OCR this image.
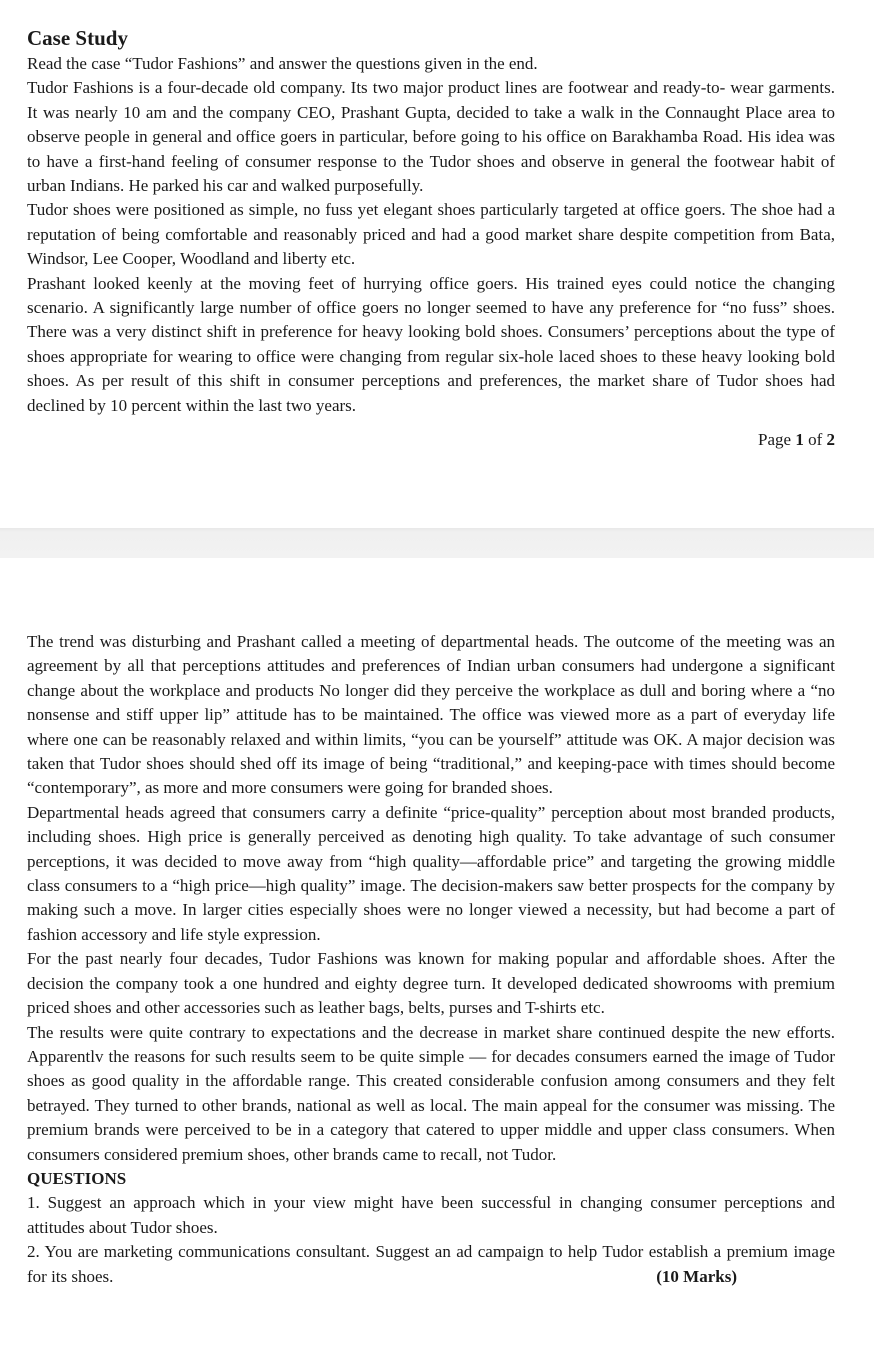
Case Study

Read the case “Tudor Fashions” and answer the questions given in the end.

Tudor Fashions is a four-decade old company. Its two major product lines are footwear and ready-to- wear garments. It was nearly 10 am and the company CEO, Prashant Gupta, decided to take a walk in the Connaught Place area to observe people in general and office goers in particular, before going to his office on Barakhamba Road. His idea was to have a first-hand feeling of consumer response to the Tudor shoes and observe in general the footwear habit of urban Indians. He parked his car and walked purposefully.

Tudor shoes were positioned as simple, no fuss yet elegant shoes particularly targeted at office goers. The shoe had a reputation of being comfortable and reasonably priced and had a good market share despite competition from Bata, Windsor, Lee Cooper, Woodland and liberty etc.

Prashant looked keenly at the moving feet of hurrying office goers. His trained eyes could notice the changing scenario. A significantly large number of office goers no longer seemed to have any preference for “no fuss” shoes. There was a very distinct shift in preference for heavy looking bold shoes. Consumers’ perceptions about the type of shoes appropriate for wearing to office were changing from regular six-hole laced shoes to these heavy looking bold shoes. As per result of this shift in consumer perceptions and preferences, the market share of Tudor shoes had declined by 10 percent within the last two years.

Page 1 of 2

The trend was disturbing and Prashant called a meeting of departmental heads. The outcome of the meeting was an agreement by all that perceptions attitudes and preferences of Indian urban consumers had undergone a significant change about the workplace and products No longer did they perceive the workplace as dull and boring where a “no nonsense and stiff upper lip” attitude has to be maintained. The office was viewed more as a part of everyday life where one can be reasonably relaxed and within limits, “you can be yourself” attitude was OK. A major decision was taken that Tudor shoes should shed off its image of being “traditional,” and keeping-pace with times should become “contemporary”, as more and more consumers were going for branded shoes.

Departmental heads agreed that consumers carry a definite “price-quality” perception about most branded products, including shoes. High price is generally perceived as denoting high quality. To take advantage of such consumer perceptions, it was decided to move away from “high quality—affordable price” and targeting the growing middle class consumers to a “high price—high quality” image. The decision-makers saw better prospects for the company by making such a move. In larger cities especially shoes were no longer viewed a necessity, but had become a part of fashion accessory and life style expression.

For the past nearly four decades, Tudor Fashions was known for making popular and affordable shoes. After the decision the company took a one hundred and eighty degree turn. It developed dedicated showrooms with premium priced shoes and other accessories such as leather bags, belts, purses and T-shirts etc.

The results were quite contrary to expectations and the decrease in market share continued despite the new efforts. Apparentlv the reasons for such results seem to be quite simple — for decades consumers earned the image of Tudor shoes as good quality in the affordable range. This created considerable confusion among consumers and they felt betrayed. They turned to other brands, national as well as local. The main appeal for the consumer was missing. The premium brands were perceived to be in a category that catered to upper middle and upper class consumers. When consumers considered premium shoes, other brands came to recall, not Tudor.

QUESTIONS

1. Suggest an approach which in your view might have been successful in changing consumer perceptions and attitudes about Tudor shoes.

2. You are marketing communications consultant. Suggest an ad campaign to help Tudor establish a premium image for its shoes.	(10 Marks)
